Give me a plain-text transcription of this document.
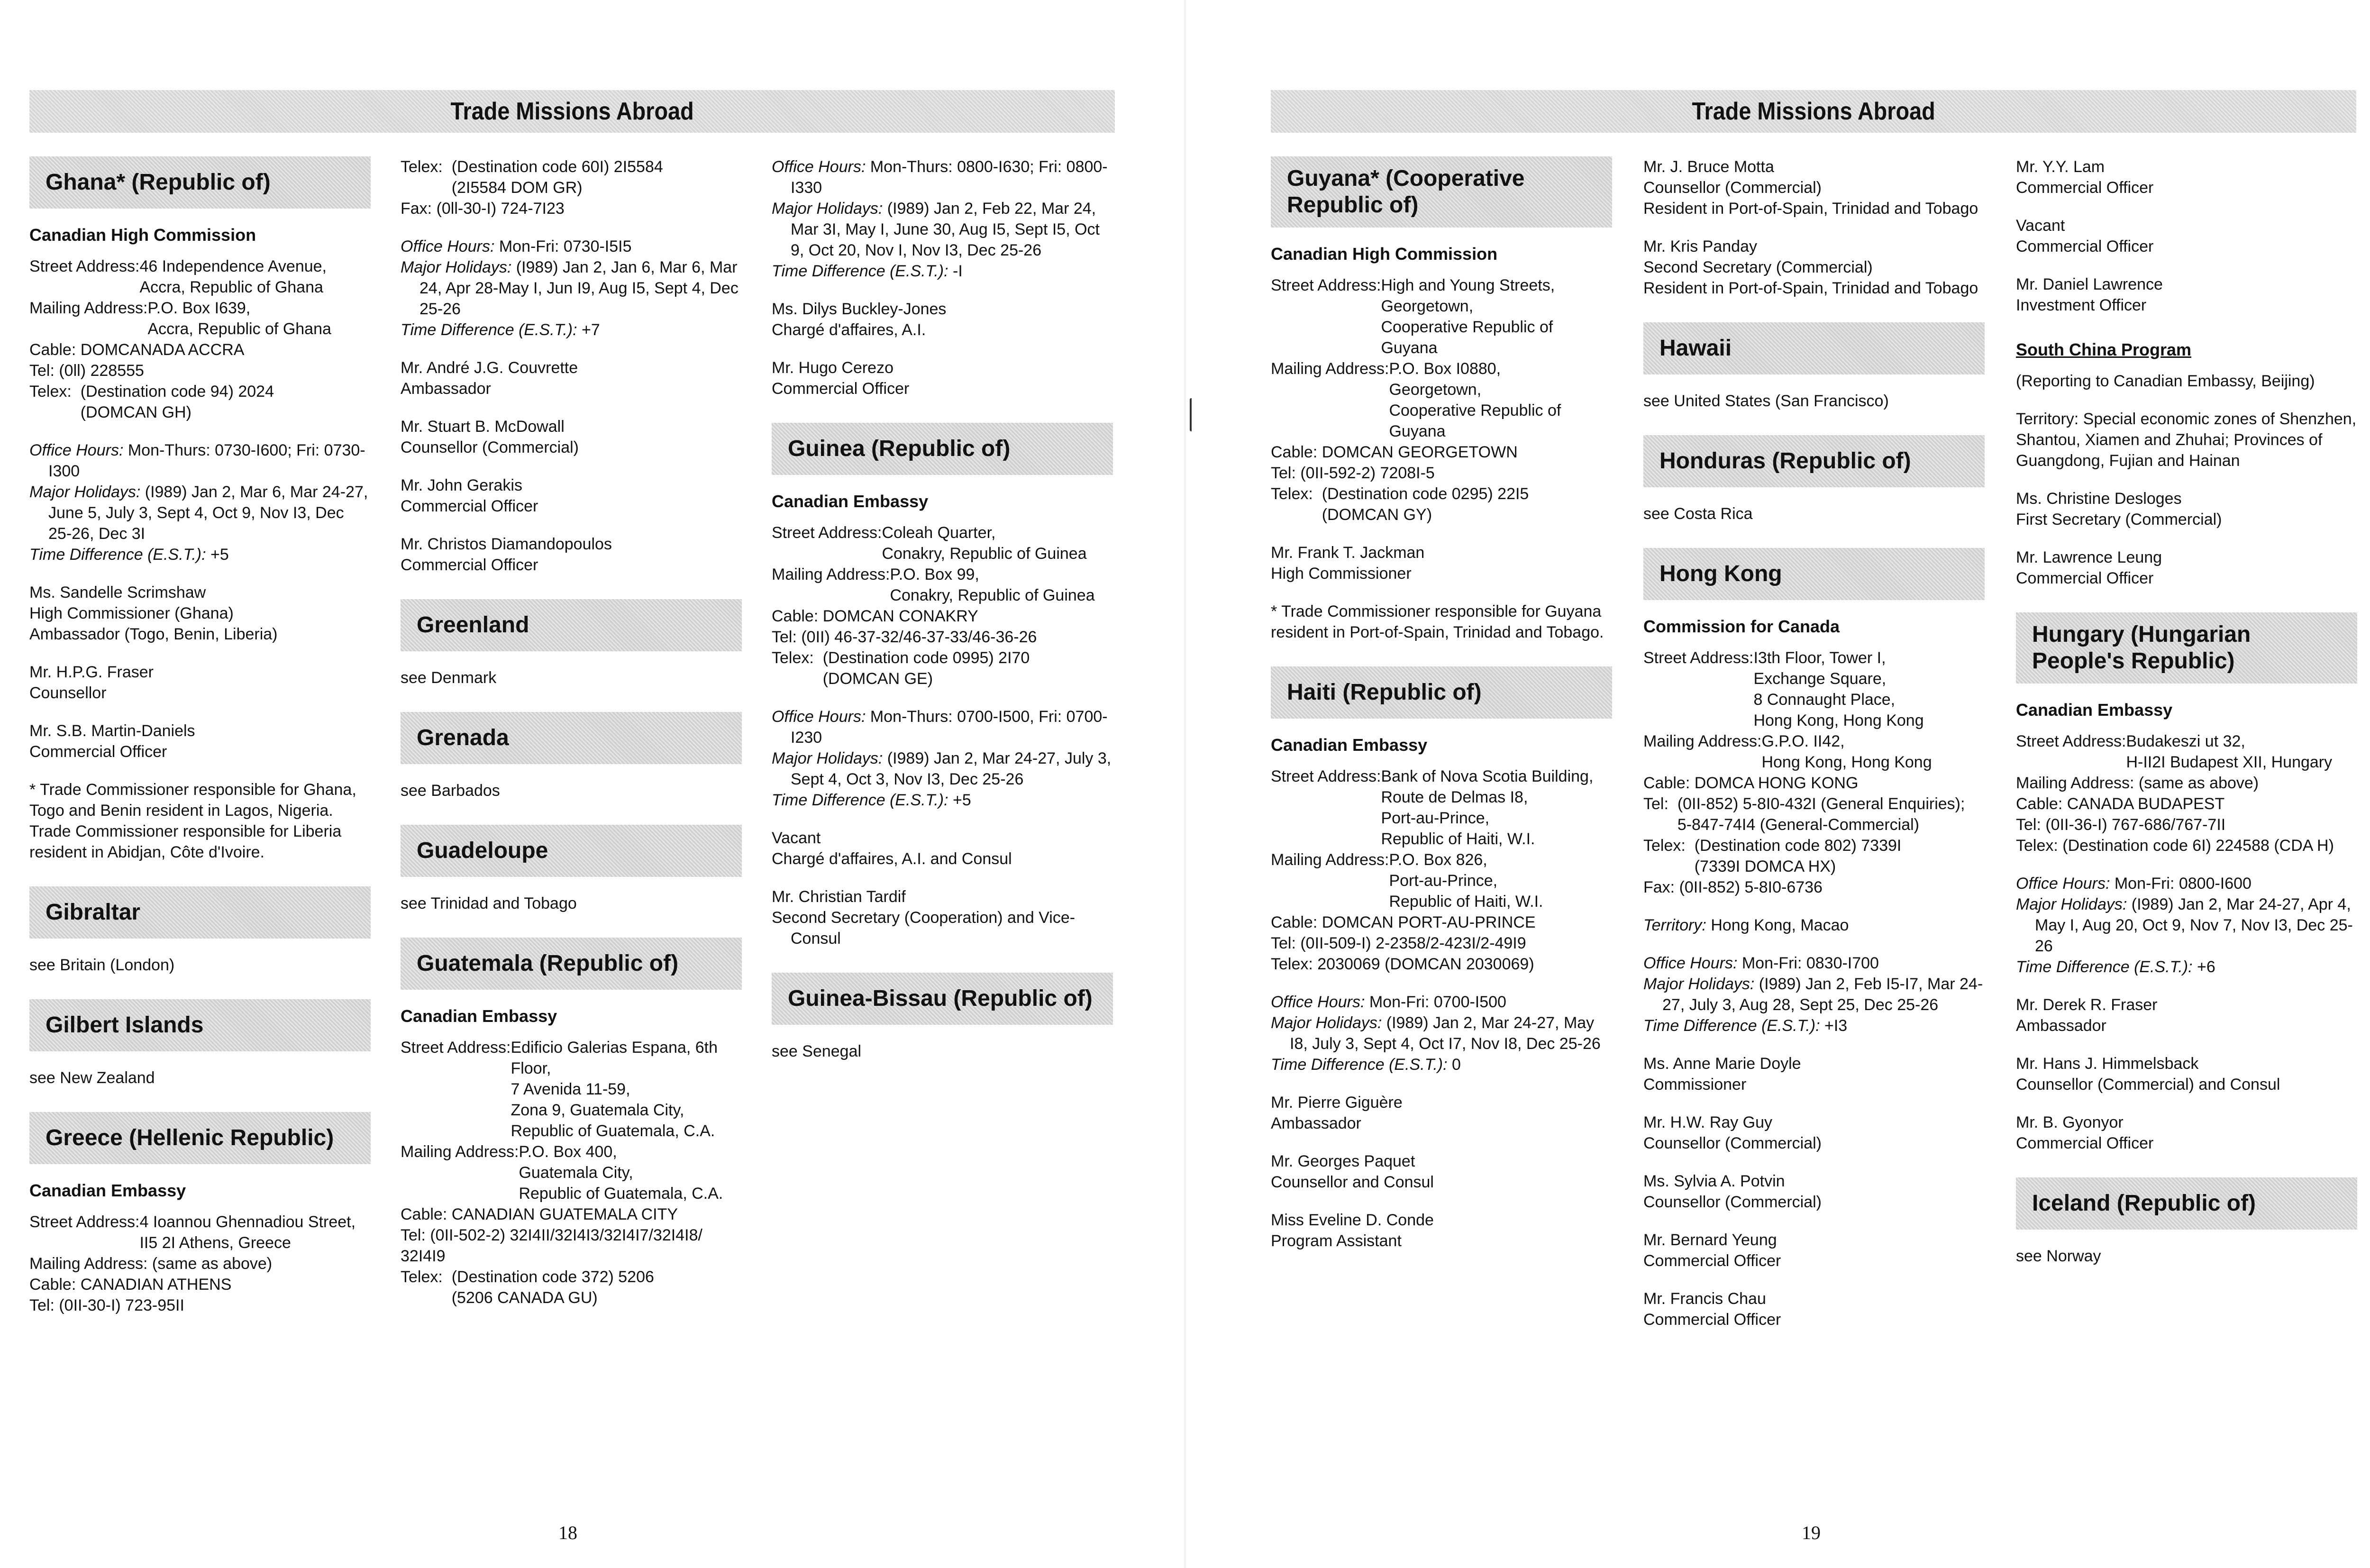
Trade Missions Abroad
Ghana* (Republic of)
Canadian High Commission
Street Address: 46 Independence Avenue,
Accra, Republic of Ghana
Mailing Address: P.O. Box I639,
Accra, Republic of Ghana
Cable: DOMCANADA ACCRA
Tel: (0ll) 228555
Telex: (Destination code 94) 2024
(DOMCAN GH)
Office Hours: Mon-Thurs: 0730-I600; Fri: 0730-I300
Major Holidays: (I989) Jan 2, Mar 6, Mar 24-27, June 5, July 3, Sept 4, Oct 9, Nov I3, Dec 25-26, Dec 3I
Time Difference (E.S.T.): +5
Ms. Sandelle Scrimshaw
High Commissioner (Ghana)
Ambassador (Togo, Benin, Liberia)
Mr. H.P.G. Fraser
Counsellor
Mr. S.B. Martin-Daniels
Commercial Officer
* Trade Commissioner responsible for Ghana, Togo and Benin resident in Lagos, Nigeria. Trade Commissioner responsible for Liberia resident in Abidjan, Côte d'Ivoire.
Gibraltar
see Britain (London)
Gilbert Islands
see New Zealand
Greece (Hellenic Republic)
Canadian Embassy
Street Address: 4 Ioannou Ghennadiou Street,
II5 2I Athens, Greece
Mailing Address: (same as above)
Cable: CANADIAN ATHENS
Tel: (0II-30-I) 723-95II
Telex: (Destination code 60I) 2I5584
(2I5584 DOM GR)
Fax: (0ll-30-I) 724-7I23
Office Hours: Mon-Fri: 0730-I5I5
Major Holidays: (I989) Jan 2, Jan 6, Mar 6, Mar 24, Apr 28-May I, Jun I9, Aug I5, Sept 4, Dec 25-26
Time Difference (E.S.T.): +7
Mr. André J.G. Couvrette
Ambassador
Mr. Stuart B. McDowall
Counsellor (Commercial)
Mr. John Gerakis
Commercial Officer
Mr. Christos Diamandopoulos
Commercial Officer
Greenland
see Denmark
Grenada
see Barbados
Guadeloupe
see Trinidad and Tobago
Guatemala (Republic of)
Canadian Embassy
Street Address: Edificio Galerias Espana, 6th Floor,
7 Avenida 11-59,
Zona 9, Guatemala City,
Republic of Guatemala, C.A.
Mailing Address: P.O. Box 400,
Guatemala City,
Republic of Guatemala, C.A.
Cable: CANADIAN GUATEMALA CITY
Tel: (0II-502-2) 32I4II/32I4I3/32I4I7/32I4I8/ 32I4I9
Telex: (Destination code 372) 5206
(5206 CANADA GU)
Office Hours: Mon-Thurs: 0800-I630; Fri: 0800-I330
Major Holidays: (I989) Jan 2, Feb 22, Mar 24, Mar 3I, May I, June 30, Aug I5, Sept I5, Oct 9, Oct 20, Nov I, Nov I3, Dec 25-26
Time Difference (E.S.T.): -I
Ms. Dilys Buckley-Jones
Chargé d'affaires, A.I.
Mr. Hugo Cerezo
Commercial Officer
Guinea (Republic of)
Canadian Embassy
Street Address: Coleah Quarter,
Conakry, Republic of Guinea
Mailing Address: P.O. Box 99,
Conakry, Republic of Guinea
Cable: DOMCAN CONAKRY
Tel: (0II) 46-37-32/46-37-33/46-36-26
Telex: (Destination code 0995) 2I70
(DOMCAN GE)
Office Hours: Mon-Thurs: 0700-I500, Fri: 0700-I230
Major Holidays: (I989) Jan 2, Mar 24-27, July 3, Sept 4, Oct 3, Nov I3, Dec 25-26
Time Difference (E.S.T.): +5
Vacant
Chargé d'affaires, A.I. and Consul
Mr. Christian Tardif
Second Secretary (Cooperation) and Vice-Consul
Guinea-Bissau (Republic of)
see Senegal
18
Trade Missions Abroad
Guyana* (Cooperative Republic of)
Canadian High Commission
Street Address: High and Young Streets,
Georgetown,
Cooperative Republic of Guyana
Mailing Address: P.O. Box I0880,
Georgetown,
Cooperative Republic of Guyana
Cable: DOMCAN GEORGETOWN
Tel: (0II-592-2) 7208I-5
Telex: (Destination code 0295) 22I5
(DOMCAN GY)
Mr. Frank T. Jackman
High Commissioner
* Trade Commissioner responsible for Guyana resident in Port-of-Spain, Trinidad and Tobago.
Haiti (Republic of)
Canadian Embassy
Street Address: Bank of Nova Scotia Building,
Route de Delmas I8,
Port-au-Prince,
Republic of Haiti, W.I.
Mailing Address: P.O. Box 826,
Port-au-Prince,
Republic of Haiti, W.I.
Cable: DOMCAN PORT-AU-PRINCE
Tel: (0II-509-I) 2-2358/2-423I/2-49I9
Telex: 2030069 (DOMCAN 2030069)
Office Hours: Mon-Fri: 0700-I500
Major Holidays: (I989) Jan 2, Mar 24-27, May I8, July 3, Sept 4, Oct I7, Nov I8, Dec 25-26
Time Difference (E.S.T.): 0
Mr. Pierre Giguère
Ambassador
Mr. Georges Paquet
Counsellor and Consul
Miss Eveline D. Conde
Program Assistant
Mr. J. Bruce Motta
Counsellor (Commercial)
Resident in Port-of-Spain, Trinidad and Tobago
Mr. Kris Panday
Second Secretary (Commercial)
Resident in Port-of-Spain, Trinidad and Tobago
Hawaii
see United States (San Francisco)
Honduras (Republic of)
see Costa Rica
Hong Kong
Commission for Canada
Street Address: I3th Floor, Tower I,
Exchange Square,
8 Connaught Place,
Hong Kong, Hong Kong
Mailing Address: G.P.O. II42,
Hong Kong, Hong Kong
Cable: DOMCA HONG KONG
Tel: (0II-852) 5-8I0-432I (General Enquiries);
5-847-74I4 (General-Commercial)
Telex: (Destination code 802) 7339I
(7339I DOMCA HX)
Fax: (0II-852) 5-8I0-6736
Territory: Hong Kong, Macao
Office Hours: Mon-Fri: 0830-I700
Major Holidays: (I989) Jan 2, Feb I5-I7, Mar 24-27, July 3, Aug 28, Sept 25, Dec 25-26
Time Difference (E.S.T.): +I3
Ms. Anne Marie Doyle
Commissioner
Mr. H.W. Ray Guy
Counsellor (Commercial)
Ms. Sylvia A. Potvin
Counsellor (Commercial)
Mr. Bernard Yeung
Commercial Officer
Mr. Francis Chau
Commercial Officer
Mr. Y.Y. Lam
Commercial Officer
Vacant
Commercial Officer
Mr. Daniel Lawrence
Investment Officer
South China Program
(Reporting to Canadian Embassy, Beijing)
Territory: Special economic zones of Shenzhen, Shantou, Xiamen and Zhuhai; Provinces of Guangdong, Fujian and Hainan
Ms. Christine Desloges
First Secretary (Commercial)
Mr. Lawrence Leung
Commercial Officer
Hungary (Hungarian People's Republic)
Canadian Embassy
Street Address: Budakeszi ut 32,
H-II2I Budapest XII, Hungary
Mailing Address: (same as above)
Cable: CANADA BUDAPEST
Tel: (0II-36-I) 767-686/767-7II
Telex: (Destination code 6I) 224588 (CDA H)
Office Hours: Mon-Fri: 0800-I600
Major Holidays: (I989) Jan 2, Mar 24-27, Apr 4, May I, Aug 20, Oct 9, Nov 7, Nov I3, Dec 25-26
Time Difference (E.S.T.): +6
Mr. Derek R. Fraser
Ambassador
Mr. Hans J. Himmelsback
Counsellor (Commercial) and Consul
Mr. B. Gyonyor
Commercial Officer
Iceland (Republic of)
see Norway
19
